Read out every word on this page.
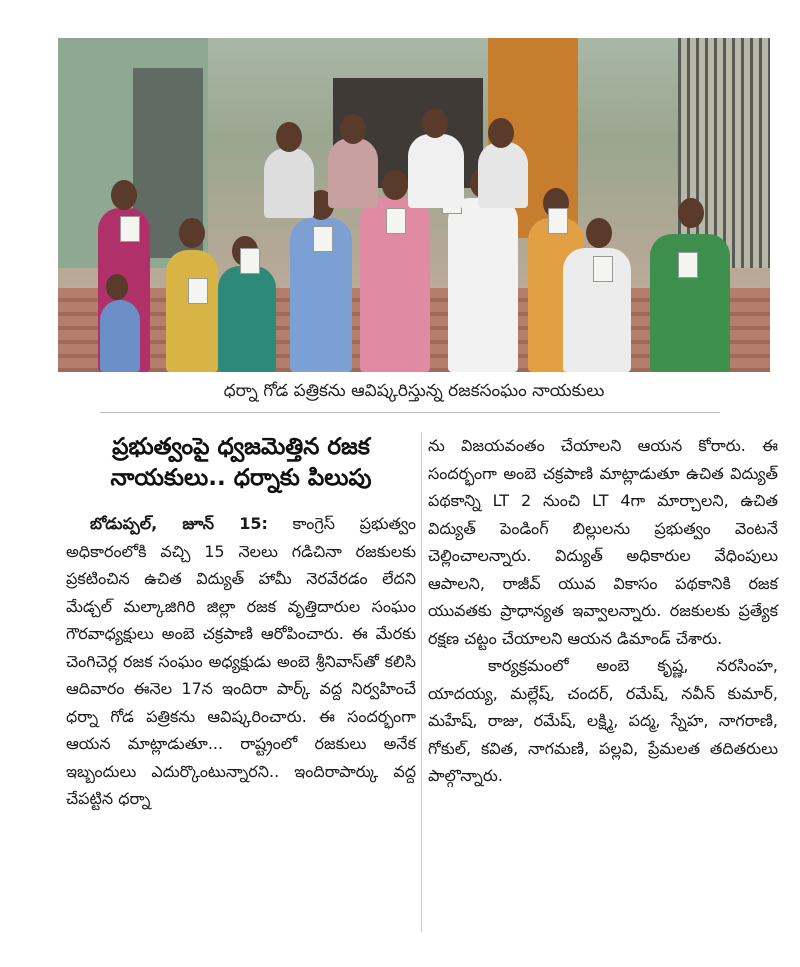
ధర్నా గోడ పత్రికను ఆవిష్కరిస్తున్న రజకసంఘం నాయకులు
ప్రభుత్వంపై ధ్వజమెత్తిన రజక
నాయకులు.. ధర్నాకు పిలుపు

బోడుప్పల్, జూన్ 15: కాంగ్రెస్ ప్రభుత్వం అధికారంలోకి వచ్చి 15 నెలలు గడిచినా రజకులకు ప్రకటించిన ఉచిత విద్యుత్ హామీ నెరవేరడం లేదని మేడ్చల్ మల్కాజిగిరి జిల్లా రజక వృత్తిదారుల సంఘం గౌరవాధ్యక్షులు అంబె చక్రపాణి ఆరోపించారు. ఈ మేరకు చెంగిచెర్ల రజక సంఘం అధ్యక్షుడు అంబె శ్రీనివాస్‌తో కలిసి ఆదివారం ఈనెల 17న ఇందిరా పార్క్ వద్ద నిర్వహించే ధర్నా గోడ పత్రికను ఆవిష్కరించారు. ఈ సందర్భంగా ఆయన మాట్లాడుతూ... రాష్ట్రంలో రజకులు అనేక ఇబ్బందులు ఎదుర్కొంటున్నారని.. ఇందిరాపార్కు వద్ద చేపట్టిన ధర్నా

ను విజయవంతం చేయాలని ఆయన కోరారు. ఈ సందర్భంగా అంబె చక్రపాణి మాట్లాడుతూ ఉచిత విద్యుత్ పథకాన్ని LT 2 నుంచి LT 4గా మార్చాలని, ఉచిత విద్యుత్ పెండింగ్ బిల్లులను ప్రభుత్వం వెంటనే చెల్లించాలన్నారు. విద్యుత్ అధికారుల వేధింపులు ఆపాలని, రాజీవ్ యువ వికాసం పథకానికి రజక యువతకు ప్రాధాన్యత ఇవ్వాలన్నారు. రజకులకు ప్రత్యేక రక్షణ చట్టం చేయాలని ఆయన డిమాండ్ చేశారు.

కార్యక్రమంలో అంబె కృష్ణ, నరసింహ, యాదయ్య, మల్లేష్, చందర్, రమేష్, నవీన్ కుమార్, మహేష్, రాజు, రమేష్, లక్ష్మి, పద్మ, స్నేహ, నాగరాణి, గోకుల్, కవిత, నాగమణి, పల్లవి, ప్రేమలత తదితరులు పాల్గొన్నారు.
